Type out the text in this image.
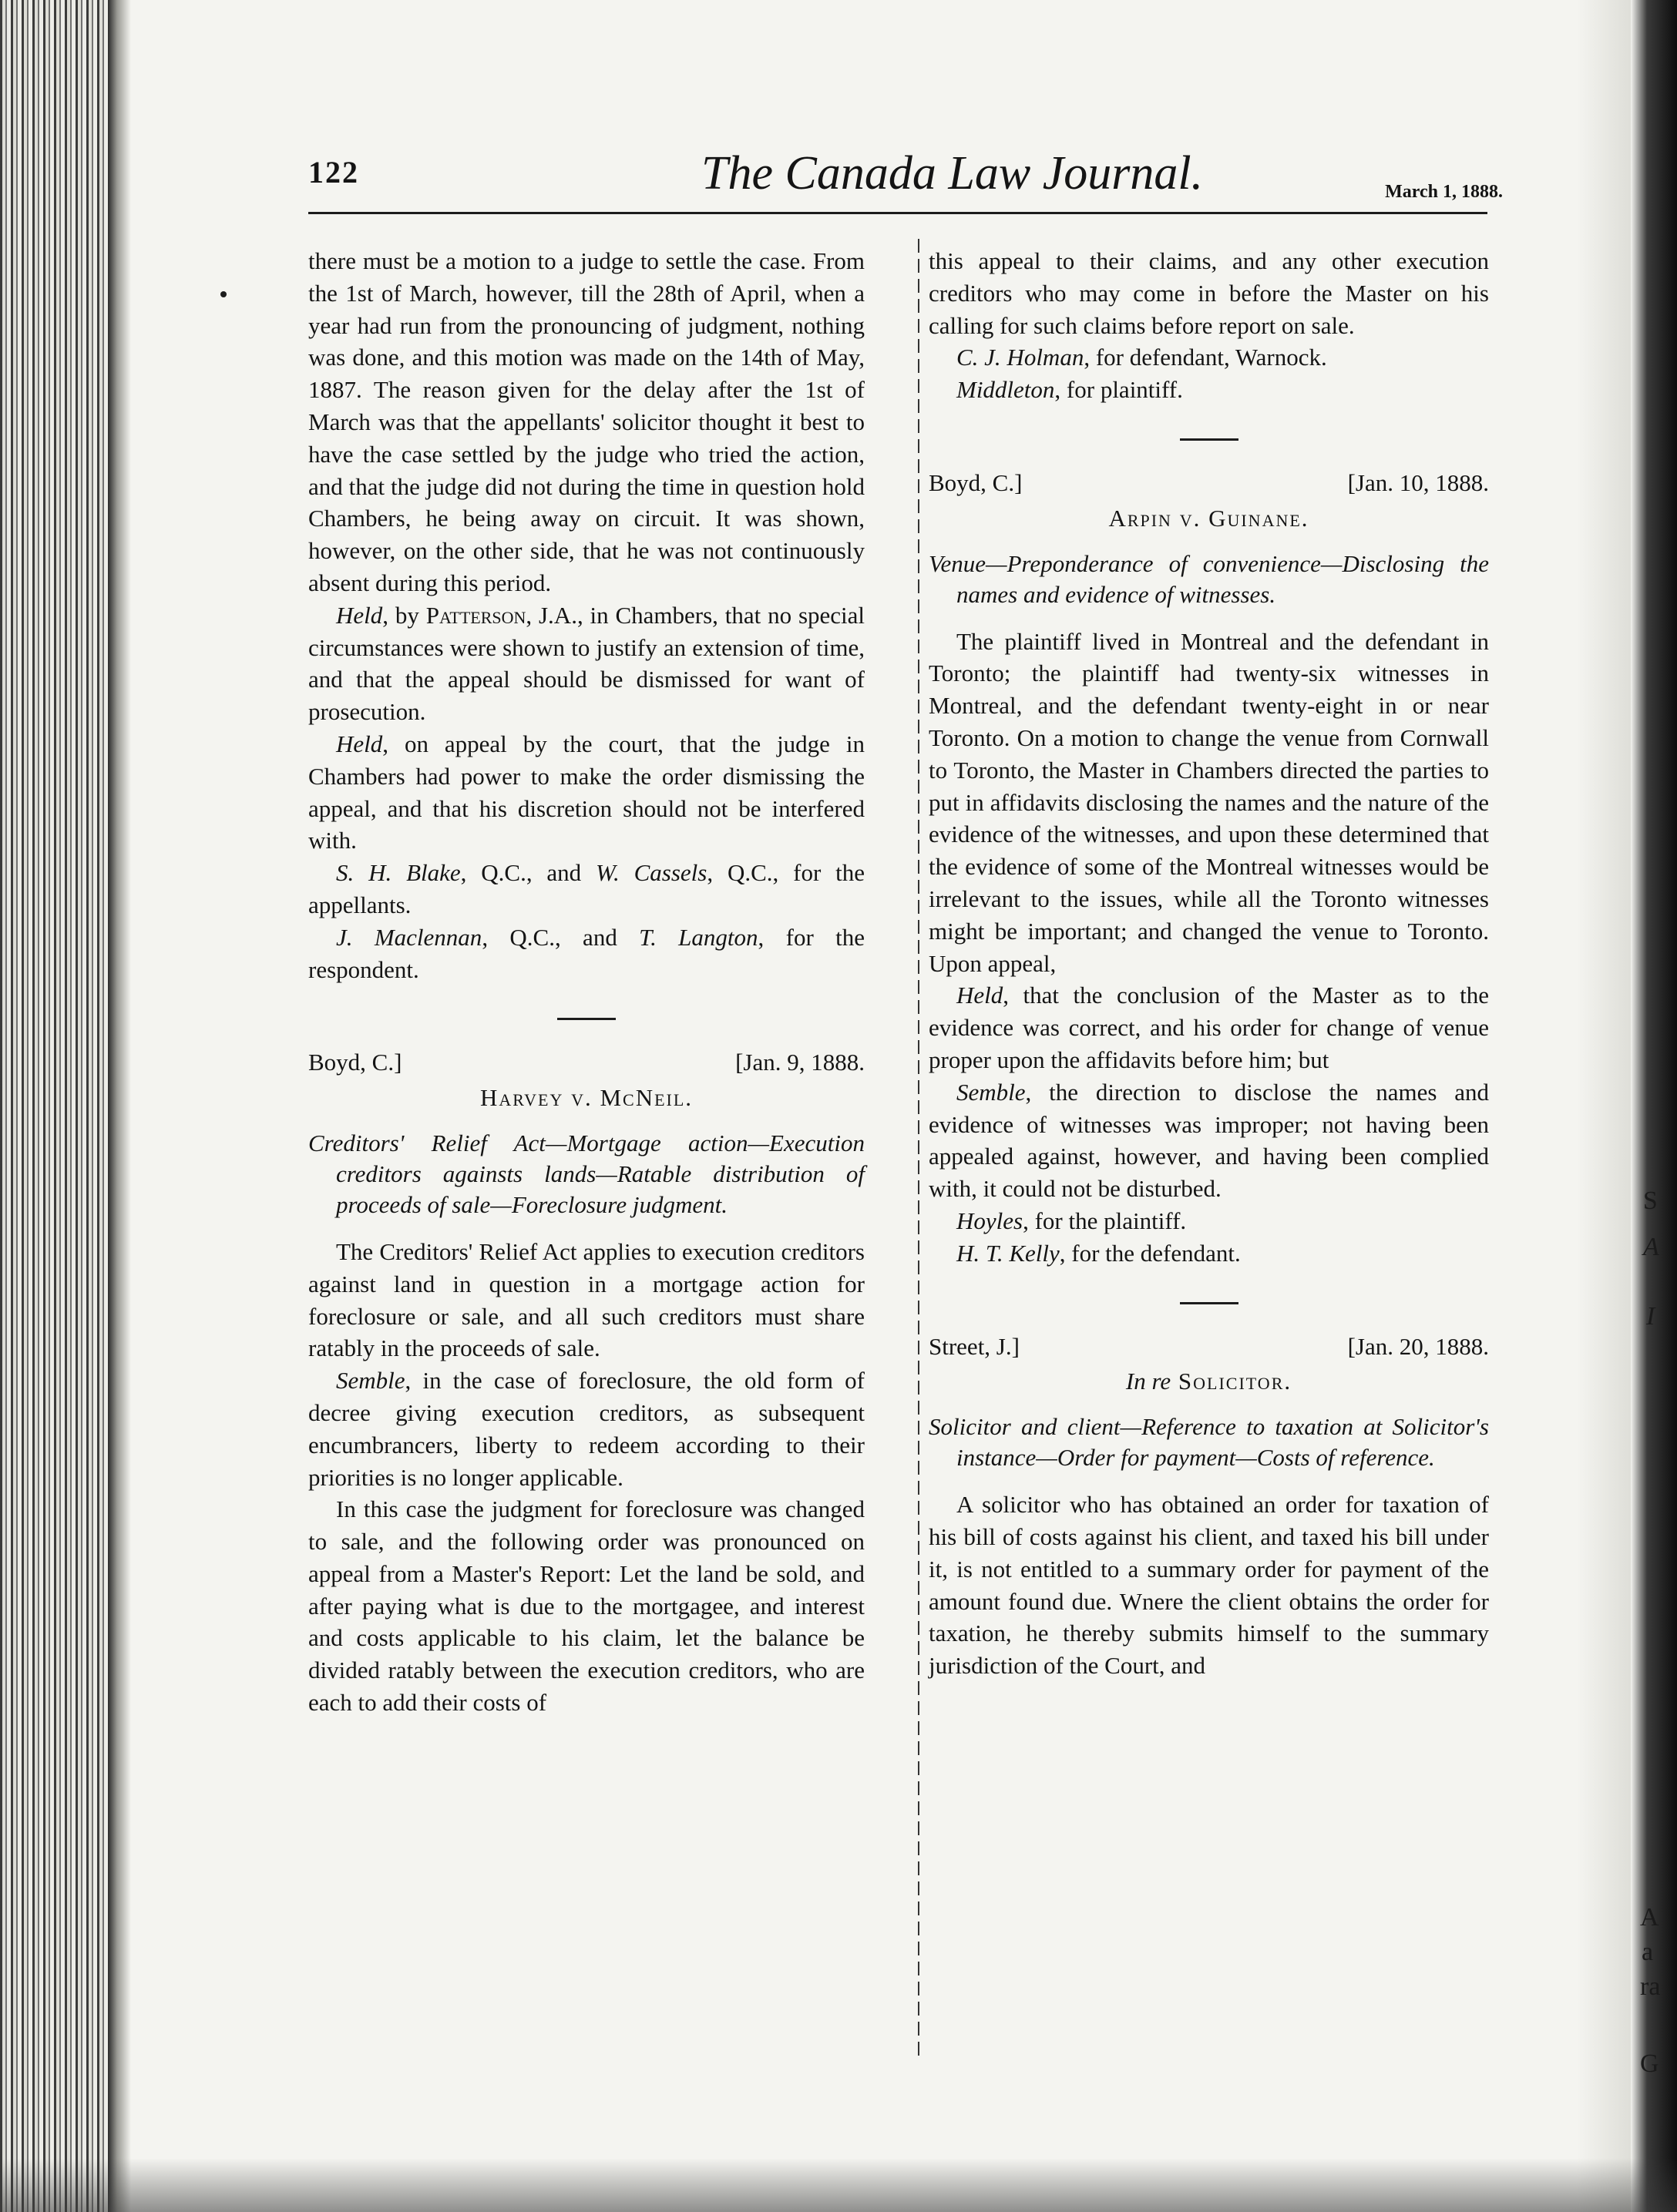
122	The Canada Law Journal.	March 1, 1888.

there must be a motion to a judge to settle the case. From the 1st of March, however, till the 28th of April, when a year had run from the pronouncing of judgment, nothing was done, and this motion was made on the 14th of May, 1887. The reason given for the delay after the 1st of March was that the appellants' solicitor thought it best to have the case settled by the judge who tried the action, and that the judge did not during the time in question hold Chambers, he being away on circuit. It was shown, however, on the other side, that he was not continuously absent during this period.

Held, by Patterson, J.A., in Chambers, that no special circumstances were shown to justify an extension of time, and that the appeal should be dismissed for want of prosecution.

Held, on appeal by the court, that the judge in Chambers had power to make the order dismissing the appeal, and that his discretion should not be interfered with.

S. H. Blake, Q.C., and W. Cassels, Q.C., for the appellants.

J. Maclennan, Q.C., and T. Langton, for the respondent.

Boyd, C.]	[Jan. 9, 1888.
Harvey v. McNeil.
Creditors' Relief Act—Mortgage action—Execution creditors againsts lands—Ratable distribution of proceeds of sale—Foreclosure judgment.

The Creditors' Relief Act applies to execution creditors against land in question in a mortgage action for foreclosure or sale, and all such creditors must share ratably in the proceeds of sale.

Semble, in the case of foreclosure, the old form of decree giving execution creditors, as subsequent encumbrancers, liberty to redeem according to their priorities is no longer applicable.

In this case the judgment for foreclosure was changed to sale, and the following order was pronounced on appeal from a Master's Report: Let the land be sold, and after paying what is due to the mortgagee, and interest and costs applicable to his claim, let the balance be divided ratably between the execution creditors, who are each to add their costs of

this appeal to their claims, and any other execution creditors who may come in before the Master on his calling for such claims before report on sale.

C. J. Holman, for defendant, Warnock.

Middleton, for plaintiff.

Boyd, C.]	[Jan. 10, 1888.
Arpin v. Guinane.
Venue—Preponderance of convenience—Disclosing the names and evidence of witnesses.

The plaintiff lived in Montreal and the defendant in Toronto; the plaintiff had twenty-six witnesses in Montreal, and the defendant twenty-eight in or near Toronto. On a motion to change the venue from Cornwall to Toronto, the Master in Chambers directed the parties to put in affidavits disclosing the names and the nature of the evidence of the witnesses, and upon these determined that the evidence of some of the Montreal witnesses would be irrelevant to the issues, while all the Toronto witnesses might be important; and changed the venue to Toronto. Upon appeal,

Held, that the conclusion of the Master as to the evidence was correct, and his order for change of venue proper upon the affidavits before him; but

Semble, the direction to disclose the names and evidence of witnesses was improper; not having been appealed against, however, and having been complied with, it could not be disturbed.

Hoyles, for the plaintiff.

H. T. Kelly, for the defendant.

Street, J.]	[Jan. 20, 1888.
In re Solicitor.
Solicitor and client—Reference to taxation at Solicitor's instance—Order for payment—Costs of reference.

A solicitor who has obtained an order for taxation of his bill of costs against his client, and taxed his bill under it, is not entitled to a summary order for payment of the amount found due. Wnere the client obtains the order for taxation, he thereby submits himself to the summary jurisdiction of the Court, and

S
A
I
A
a
ra
G
